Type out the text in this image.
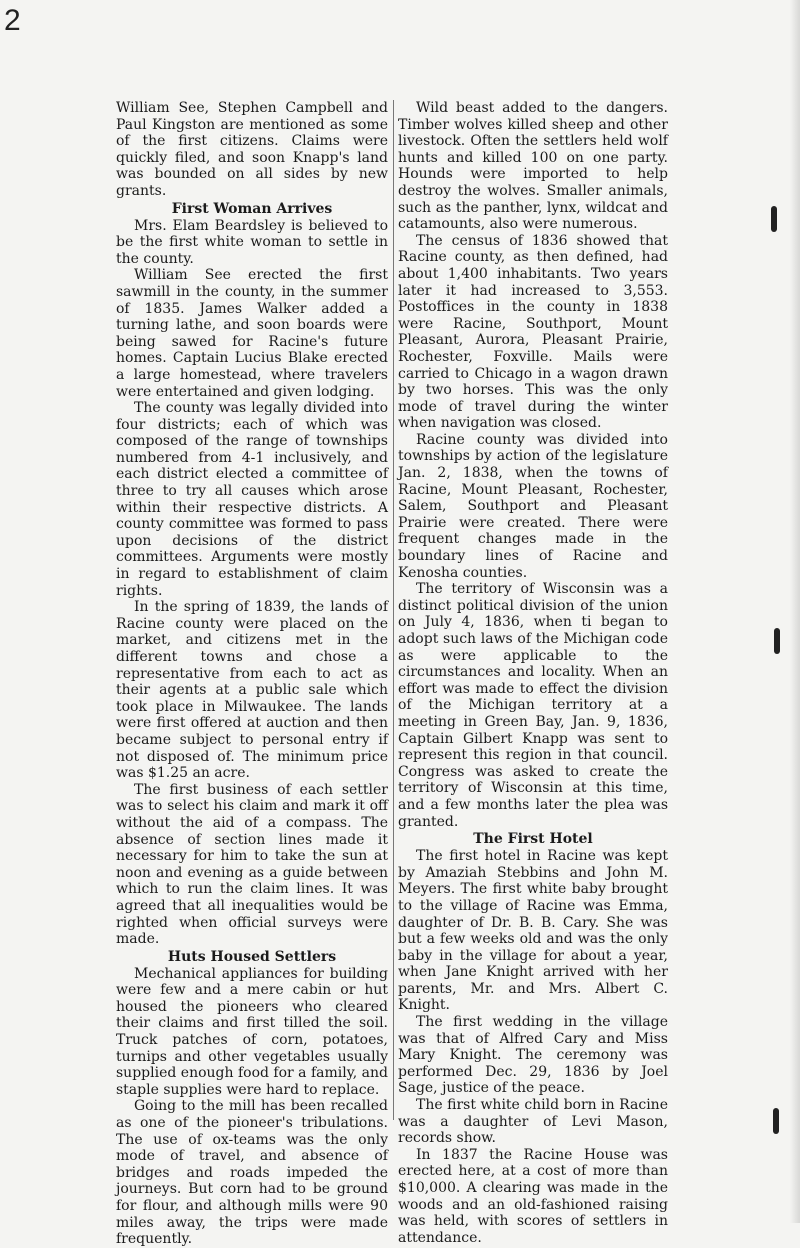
2

William See, Stephen Campbell and Paul Kingston are mentioned as some of the first citizens. Claims were quickly filed, and soon Knapp's land was bounded on all sides by new grants.

First Woman Arrives

Mrs. Elam Beardsley is believed to be the first white woman to settle in the county.

William See erected the first sawmill in the county, in the summer of 1835. James Walker added a turning lathe, and soon boards were being sawed for Racine's future homes. Captain Lucius Blake erected a large homestead, where travelers were entertained and given lodging.

The county was legally divided into four districts; each of which was composed of the range of townships numbered from 4-1 inclusively, and each district elected a committee of three to try all causes which arose within their respective districts. A county committee was formed to pass upon decisions of the district committees. Arguments were mostly in regard to establishment of claim rights.

In the spring of 1839, the lands of Racine county were placed on the market, and citizens met in the different towns and chose a representative from each to act as their agents at a public sale which took place in Milwaukee. The lands were first offered at auction and then became subject to personal entry if not disposed of. The minimum price was $1.25 an acre.

The first business of each settler was to select his claim and mark it off without the aid of a compass. The absence of section lines made it necessary for him to take the sun at noon and evening as a guide between which to run the claim lines. It was agreed that all inequalities would be righted when official surveys were made.

Huts Housed Settlers

Mechanical appliances for building were few and a mere cabin or hut housed the pioneers who cleared their claims and first tilled the soil. Truck patches of corn, potatoes, turnips and other vegetables usually supplied enough food for a family, and staple supplies were hard to replace.

Going to the mill has been recalled as one of the pioneer's tribulations. The use of ox-teams was the only mode of travel, and absence of bridges and roads impeded the journeys. But corn had to be ground for flour, and although mills were 90 miles away, the trips were made frequently.

Wild beast added to the dangers. Timber wolves killed sheep and other livestock. Often the settlers held wolf hunts and killed 100 on one party. Hounds were imported to help destroy the wolves. Smaller animals, such as the panther, lynx, wildcat and catamounts, also were numerous.

The census of 1836 showed that Racine county, as then defined, had about 1,400 inhabitants. Two years later it had increased to 3,553. Postoffices in the county in 1838 were Racine, Southport, Mount Pleasant, Aurora, Pleasant Prairie, Rochester, Foxville. Mails were carried to Chicago in a wagon drawn by two horses. This was the only mode of travel during the winter when navigation was closed.

Racine county was divided into townships by action of the legislature Jan. 2, 1838, when the towns of Racine, Mount Pleasant, Rochester, Salem, Southport and Pleasant Prairie were created. There were frequent changes made in the boundary lines of Racine and Kenosha counties.

The territory of Wisconsin was a distinct political division of the union on July 4, 1836, when ti began to adopt such laws of the Michigan code as were applicable to the circumstances and locality. When an effort was made to effect the division of the Michigan territory at a meeting in Green Bay, Jan. 9, 1836, Captain Gilbert Knapp was sent to represent this region in that council. Congress was asked to create the territory of Wisconsin at this time, and a few months later the plea was granted.

The First Hotel

The first hotel in Racine was kept by Amaziah Stebbins and John M. Meyers. The first white baby brought to the village of Racine was Emma, daughter of Dr. B. B. Cary. She was but a few weeks old and was the only baby in the village for about a year, when Jane Knight arrived with her parents, Mr. and Mrs. Albert C. Knight.

The first wedding in the village was that of Alfred Cary and Miss Mary Knight. The ceremony was performed Dec. 29, 1836 by Joel Sage, justice of the peace.

The first white child born in Racine was a daughter of Levi Mason, records show.

In 1837 the Racine House was erected here, at a cost of more than $10,000. A clearing was made in the woods and an old-fashioned raising was held, with scores of settlers in attendance.
